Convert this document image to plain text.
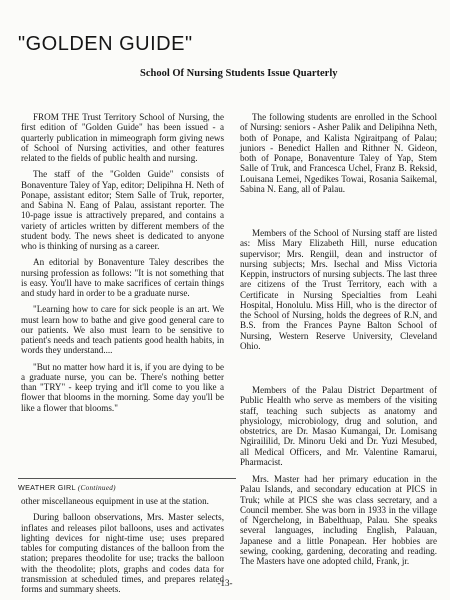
"GOLDEN GUIDE"
School Of Nursing Students Issue Quarterly

FROM THE Trust Territory School of Nursing, the first edition of "Golden Guide" has been issued - a quarterly publication in mimeograph form giving news of School of Nursing activities, and other features related to the fields of public health and nursing.

The staff of the "Golden Guide" consists of Bonaventure Taley of Yap, editor; Delipihna H. Neth of Ponape, assistant editor; Stem Salle of Truk, reporter, and Sabina N. Eang of Palau, assistant reporter. The 10-page issue is attractively prepared, and contains a variety of articles written by different members of the student body. The news sheet is dedicated to anyone who is thinking of nursing as a career.

An editorial by Bonaventure Taley describes the nursing profession as follows: "It is not something that is easy. You'll have to make sacrifices of certain things and study hard in order to be a graduate nurse.

"Learning how to care for sick people is an art. We must learn how to bathe and give good general care to our patients. We also must learn to be sensitive to patient's needs and teach patients good health habits, in words they understand....

"But no matter how hard it is, if you are dying to be a graduate nurse, you can be. There's nothing better than "TRY" - keep trying and it'll come to you like a flower that blooms in the morning. Some day you'll be like a flower that blooms."

The following students are enrolled in the School of Nursing: seniors - Asher Palik and Delipihna Neth, both of Ponape, and Kalista Ngiraitpang of Palau; juniors - Benedict Hallen and Rithner N. Gideon, both of Ponape, Bonaventure Taley of Yap, Stem Salle of Truk, and Francesca Uchel, Franz B. Reksid, Louisana Lemei, Ngedikes Towai, Rosania Saikemal, Sabina N. Eang, all of Palau.

Members of the School of Nursing staff are listed as: Miss Mary Elizabeth Hill, nurse education supervisor; Mrs. Rengiil, dean and instructor of nursing subjects; Mrs. Isechal and Miss Victoria Keppin, instructors of nursing subjects. The last three are citizens of the Trust Territory, each with a Certificate in Nursing Specialties from Leahi Hospital, Honolulu. Miss Hill, who is the director of the School of Nursing, holds the degrees of R.N, and B.S. from the Frances Payne Balton School of Nursing, Western Reserve University, Cleveland Ohio.

Members of the Palau District Department of Public Health who serve as members of the visiting staff, teaching such subjects as anatomy and physiology, microbiology, drug and solution, and obstetrics, are Dr. Masao Kumangai, Dr. Lomisang Ngiraililid, Dr. Minoru Ueki and Dr. Yuzi Mesubed, all Medical Officers, and Mr. Valentine Ramarui, Pharmacist.

WEATHER GIRL (Continued)

other miscellaneous equipment in use at the station.

During balloon observations, Mrs. Master selects, inflates and releases pilot balloons, uses and activates lighting devices for night-time use; uses prepared tables for computing distances of the balloon from the station; prepares theodolite for use; tracks the balloon with the theodolite; plots, graphs and codes data for transmission at scheduled times, and prepares related forms and summary sheets.

Mrs. Master had her primary education in the Palau Islands, and secondary education at PICS in Truk; while at PICS she was class secretary, and a Council member. She was born in 1933 in the village of Ngerchelong, in Babelthuap, Palau. She speaks several languages, including English, Palauan, Japanese and a little Ponapean. Her hobbies are sewing, cooking, gardening, decorating and reading. The Masters have one adopted child, Frank, jr.

-13-
